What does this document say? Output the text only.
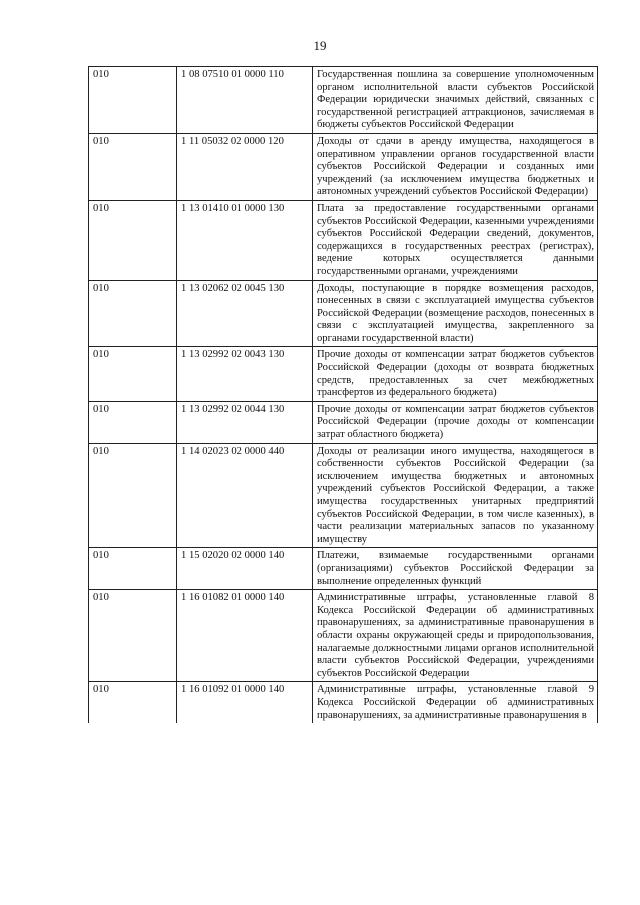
19
010	1 08 07510 01 0000 110	Государственная пошлина за совершение уполномоченным органом исполнительной власти субъектов Российской Федерации юридически значимых действий, связанных с государственной регистрацией аттракционов, зачисляемая в бюджеты субъектов Российской Федерации
010	1 11 05032 02 0000 120	Доходы от сдачи в аренду имущества, находящегося в оперативном управлении органов государственной власти субъектов Российской Федерации и созданных ими учреждений (за исключением имущества бюджетных и автономных учреждений субъектов Российской Федерации)
010	1 13 01410 01 0000 130	Плата за предоставление государственными органами субъектов Российской Федерации, казенными учреждениями субъектов Российской Федерации сведений, документов, содержащихся в государственных реестрах (регистрах), ведение которых осуществляется данными государственными органами, учреждениями
010	1 13 02062 02 0045 130	Доходы, поступающие в порядке возмещения расходов, понесенных в связи с эксплуатацией имущества субъектов Российской Федерации (возмещение расходов, понесенных в связи с эксплуатацией имущества, закрепленного за органами государственной власти)
010	1 13 02992 02 0043 130	Прочие доходы от компенсации затрат бюджетов субъектов Российской Федерации (доходы от возврата бюджетных средств, предоставленных за счет межбюджетных трансфертов из федерального бюджета)
010	1 13 02992 02 0044 130	Прочие доходы от компенсации затрат бюджетов субъектов Российской Федерации (прочие доходы от компенсации затрат областного бюджета)
010	1 14 02023 02 0000 440	Доходы от реализации иного имущества, находящегося в собственности субъектов Российской Федерации (за исключением имущества бюджетных и автономных учреждений субъектов Российской Федерации, а также имущества государственных унитарных предприятий субъектов Российской Федерации, в том числе казенных), в части реализации материальных запасов по указанному имуществу
010	1 15 02020 02 0000 140	Платежи, взимаемые государственными органами (организациями) субъектов Российской Федерации за выполнение определенных функций
010	1 16 01082 01 0000 140	Административные штрафы, установленные главой 8 Кодекса Российской Федерации об административных правонарушениях, за административные правонарушения в области охраны окружающей среды и природопользования, налагаемые должностными лицами органов исполнительной власти субъектов Российской Федерации, учреждениями субъектов Российской Федерации
010	1 16 01092 01 0000 140	Административные штрафы, установленные главой 9 Кодекса Российской Федерации об административных правонарушениях, за административные правонарушения в
